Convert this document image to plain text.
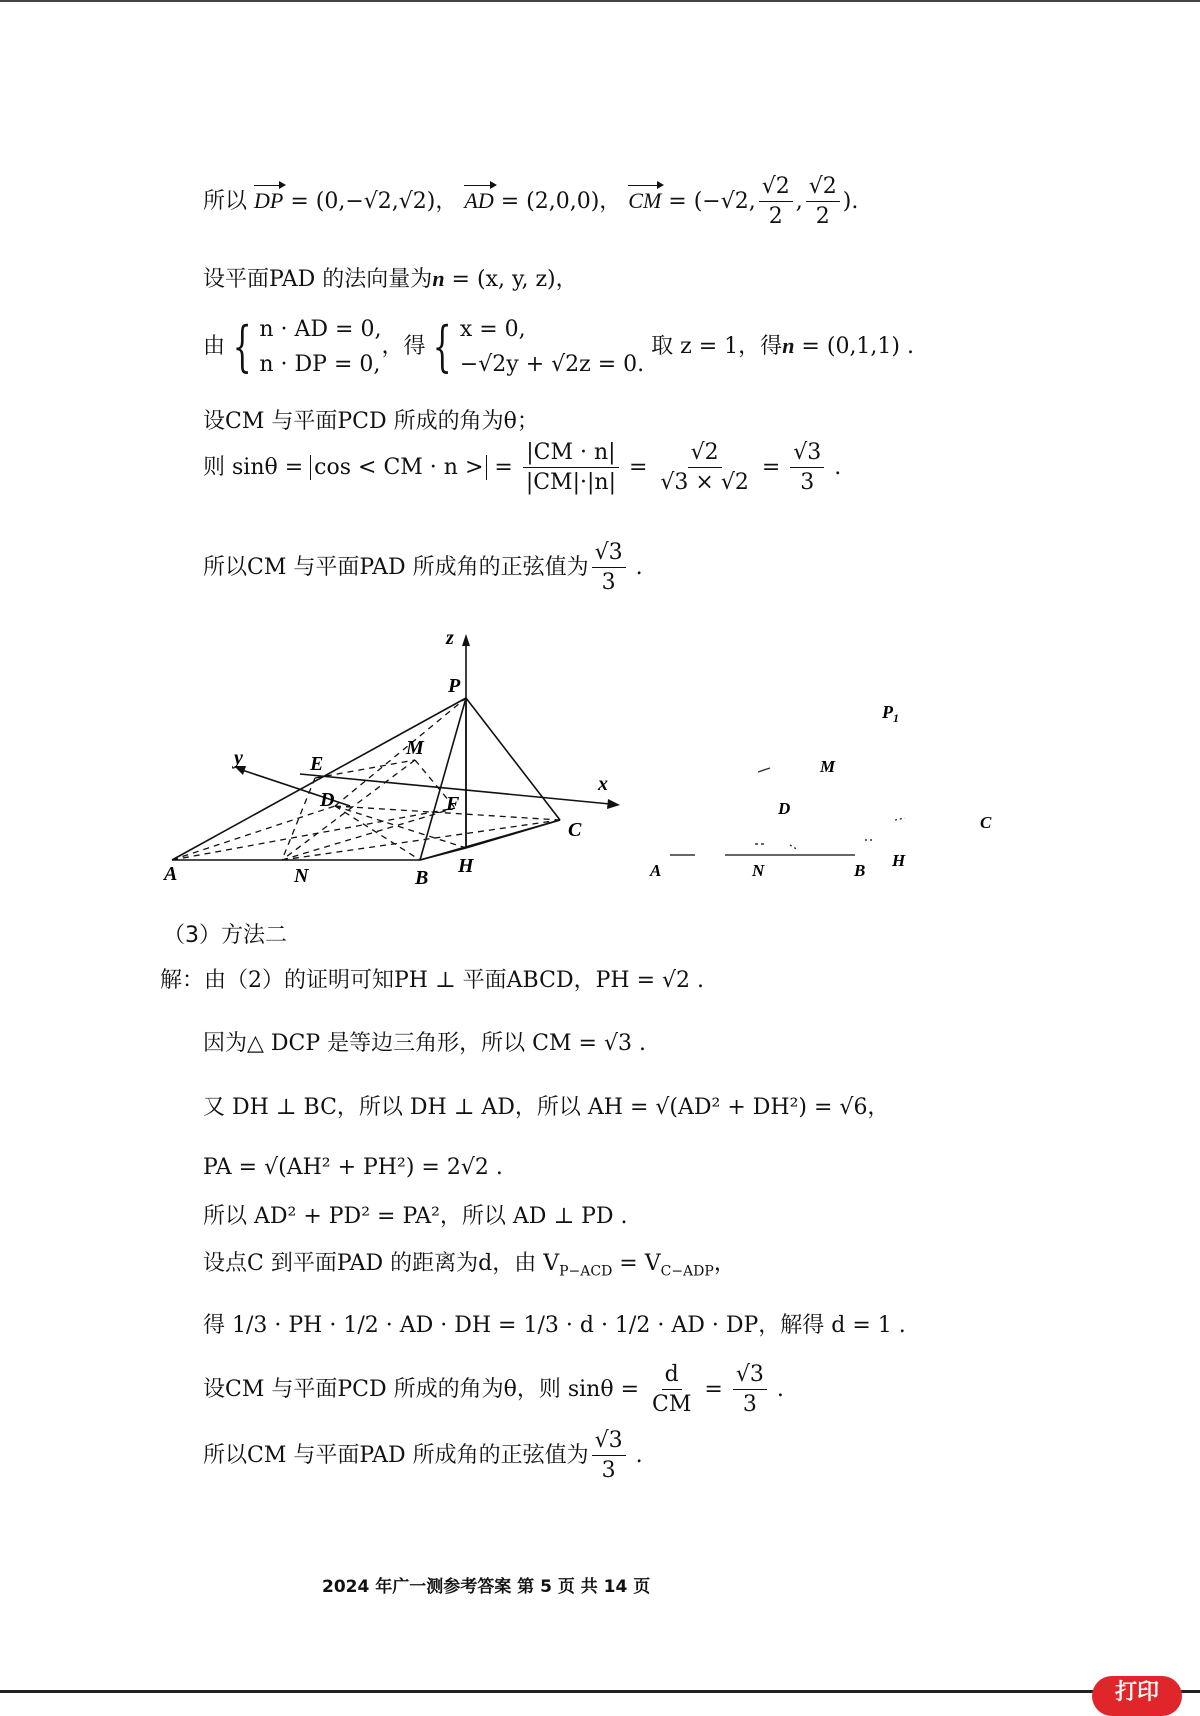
所以 DP = (0,−√2,√2)， AD = (2,0,0)， CM = (−√2, $\frac{√2}{2}$ , $\frac{√2}{2}$ ).
设平面PAD 的法向量为n = (x, y, z)，
由 { n · AD = 0,
n · DP = 0,
，得 { x = 0,
−√2y + √2z = 0.
取 z = 1，得n = (0,1,1) .
设CM 与平面PCD 所成的角为θ；
则 sinθ = cos < CM · n > = $\frac{|CM \cdot n|}{|CM|\cdot|n|} = \frac{√2}{√3 \times √2} = \frac{√3}{3}$ .
所以CM 与平面PAD 所成角的正弦值为 $\frac{√3}{3}$ .
z
P
E
M
y
D	F
x
C
A	N	B
H
$P_1$
M
D
C
A	N	B
H
（3）方法二
解：由（2）的证明可知PH ⊥ 平面ABCD，PH = √2 .
因为△ DCP 是等边三角形，所以 CM = √3 .
又 DH ⊥ BC，所以 DH ⊥ AD，所以 AH = √(AD² + DH²) = √6，
PA = √(AH² + PH²) = 2√2 .
所以 AD² + PD² = PA²，所以 AD ⊥ PD .
设点C 到平面PAD 的距离为d，由 $V_{P-ACD} = V_{C-ADP}$，
得 1/3 · PH · 1/2 · AD · DH = 1/3 · d · 1/2 · AD · DP，解得 d = 1 .
设CM 与平面PCD 所成的角为θ，则 $\sin\theta = \frac{d}{CM} = \frac{√3}{3}$ .
所以CM 与平面PAD 所成角的正弦值为 $\frac{√3}{3}$ .
2024 年广一测参考答案 第 5 页 共 14 页
打印
